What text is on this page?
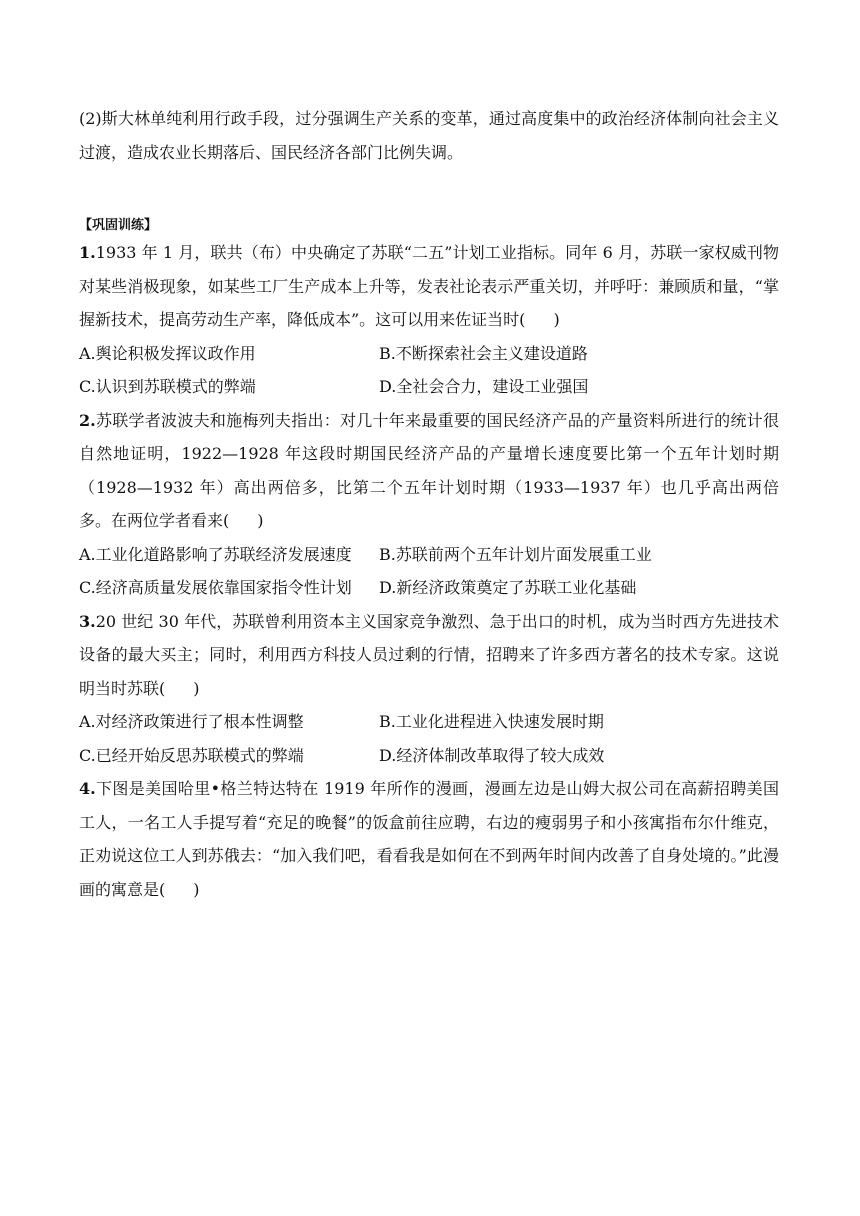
(2)斯大林单纯利用行政手段，过分强调生产关系的变革，通过高度集中的政治经济体制向社会主义过渡，造成农业长期落后、国民经济各部门比例失调。

【巩固训练】

1.1933 年 1 月，联共（布）中央确定了苏联“二五”计划工业指标。同年 6 月，苏联一家权威刊物对某些消极现象，如某些工厂生产成本上升等，发表社论表示严重关切，并呼吁：兼顾质和量，“掌握新技术，提高劳动生产率，降低成本”。这可以用来佐证当时( )

A.舆论积极发挥议政作用	B.不断探索社会主义建设道路
C.认识到苏联模式的弊端	D.全社会合力，建设工业强国

2.苏联学者波波夫和施梅列夫指出：对几十年来最重要的国民经济产品的产量资料所进行的统计很自然地证明，1922—1928 年这段时期国民经济产品的产量增长速度要比第一个五年计划时期（1928—1932 年）高出两倍多，比第二个五年计划时期（1933—1937 年）也几乎高出两倍多。在两位学者看来( )

A.工业化道路影响了苏联经济发展速度	B.苏联前两个五年计划片面发展重工业
C.经济高质量发展依靠国家指令性计划	D.新经济政策奠定了苏联工业化基础

3.20 世纪 30 年代，苏联曾利用资本主义国家竞争激烈、急于出口的时机，成为当时西方先进技术设备的最大买主；同时，利用西方科技人员过剩的行情，招聘来了许多西方著名的技术专家。这说明当时苏联( )

A.对经济政策进行了根本性调整	B.工业化进程进入快速发展时期
C.已经开始反思苏联模式的弊端	D.经济体制改革取得了较大成效

4.下图是美国哈里•格兰特达特在 1919 年所作的漫画，漫画左边是山姆大叔公司在高薪招聘美国工人，一名工人手提写着“充足的晚餐”的饭盒前往应聘，右边的瘦弱男子和小孩寓指布尔什维克，正劝说这位工人到苏俄去：“加入我们吧，看看我是如何在不到两年时间内改善了自身处境的。”此漫画的寓意是( )
